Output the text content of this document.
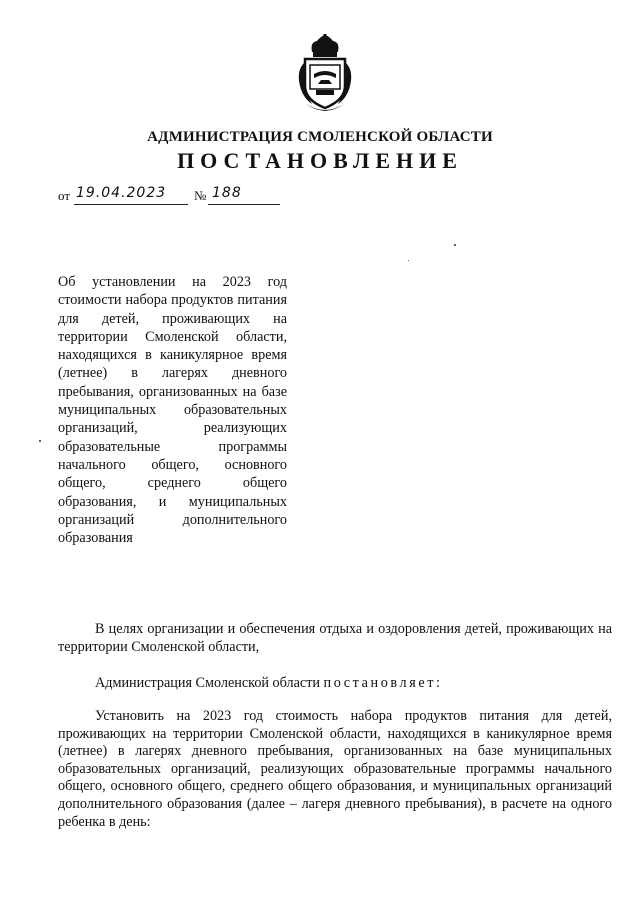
АДМИНИСТРАЦИЯ СМОЛЕНСКОЙ ОБЛАСТИ
ПОСТАНОВЛЕНИЕ
от 19.04.2023 № 188
Об установлении на 2023 год стоимости набора продуктов питания для детей, проживающих на территории Смоленской области, находящихся в каникулярное время (летнее) в лагерях дневного пребывания, организованных на базе муниципальных образовательных организаций, реализующих образовательные программы начального общего, основного общего, среднего общего образования, и муниципальных организаций дополнительного образования
В целях организации и обеспечения отдыха и оздоровления детей, проживающих на территории Смоленской области,
Администрация Смоленской области постановляет:
Установить на 2023 год стоимость набора продуктов питания для детей, проживающих на территории Смоленской области, находящихся в каникулярное время (летнее) в лагерях дневного пребывания, организованных на базе муниципальных образовательных организаций, реализующих образовательные программы начального общего, основного общего, среднего общего образования, и муниципальных организаций дополнительного образования (далее – лагеря дневного пребывания), в расчете на одного ребенка в день:
